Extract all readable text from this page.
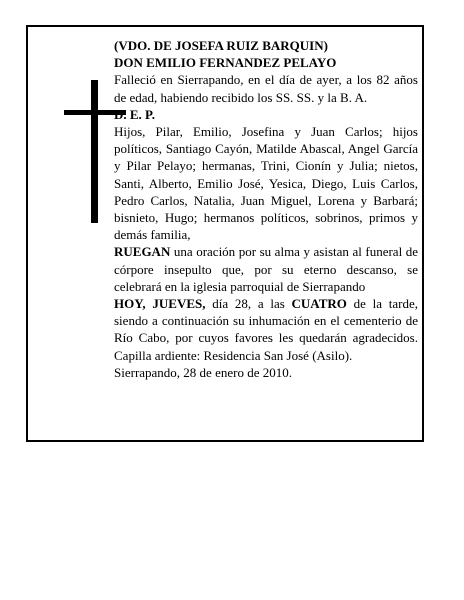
(VDO. DE JOSEFA RUIZ BARQUIN)

DON EMILIO FERNANDEZ PELAYO

Falleció en Sierrapando, en el día de ayer, a los 82 años de edad, habiendo recibido los SS. SS. y la B. A.

D. E. P.

Hijos, Pilar, Emilio, Josefina y Juan Carlos; hijos políticos, Santiago Cayón, Matilde Abascal, Angel García y Pilar Pelayo; hermanas, Trini, Cionín y Julia; nietos, Santi, Alberto, Emilio José, Yesica, Diego, Luis Carlos, Pedro Carlos, Natalia, Juan Miguel, Lorena y Barbará; bisnieto, Hugo; hermanos políticos, sobrinos, primos y demás familia,

RUEGAN una oración por su alma y asistan al funeral de córpore insepulto que, por su eterno descanso, se celebrará en la iglesia parroquial de Sierrapando

HOY, JUEVES, día 28, a las CUATRO de la tarde, siendo a continuación su inhumación en el cementerio de Río Cabo, por cuyos favores les quedarán agradecidos. Capilla ardiente: Residencia San José (Asilo).

Sierrapando, 28 de enero de 2010.
